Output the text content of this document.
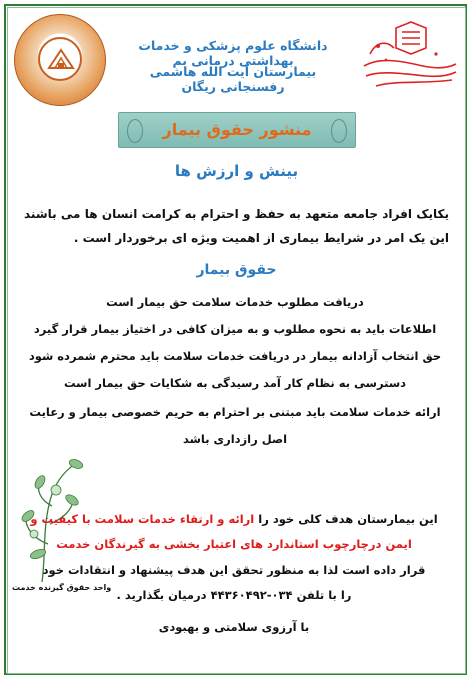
دانشگاه علوم پزشکی و خدمات بهداشتی درمانی بم
بیمارستان آیت الله هاشمی رفسنجانی ریگان
منشور حقوق بیمار
بینش و ارزش ها
یکایک افراد جامعه متعهد به حفظ و احترام به کرامت انسان ها می باشند این یک امر در شرایط بیماری از اهمیت ویژه ای برخوردار است .
حقوق بیمار
دریافت مطلوب خدمات سلامت حق بیمار است
اطلاعات باید به نحوه مطلوب و به میزان کافی در اختیاز بیمار قرار گیرد
حق انتخاب آزادانه بیمار در دریافت خدمات سلامت باید محترم شمرده شود
دسترسی به نظام کار آمد رسیدگی به شکایات حق بیمار است
ارائه خدمات سلامت باید مبتنی بر احترام به حریم خصوصی بیمار و رعایت
اصل رازداری باشد
این بیمارستان هدف کلی خود را ارائه و ارتقاء خدمات سلامت با کیفیت و
ایمن درچارچوب استاندارد های اعتبار بخشی به گیرندگان خدمت
قرار داده است لذا به منظور تحقق این هدف پیشنهاد و انتقادات خود
را با تلفن ۰۳۴-۴۴۳۶۰۴۹۲ درمیان بگذارید .
با آرزوی سلامتی و بهبودی
واحد حقوق گیرنده خدمت
